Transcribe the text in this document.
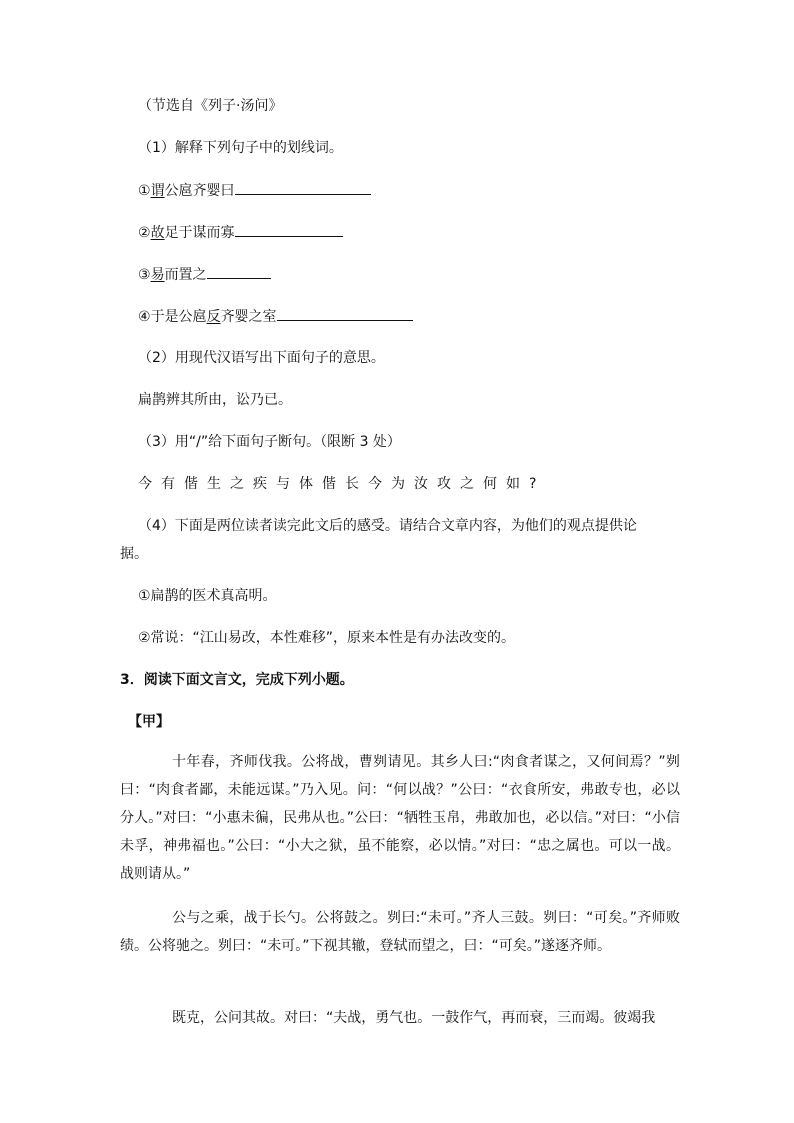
（节选自《列子·汤问》
（1）解释下列句子中的划线词。
①谓公扈齐婴曰
②故足于谋而寡
③易而置之
④于是公扈反齐婴之室
（2）用现代汉语写出下面句子的意思。
扁鹊辨其所由，讼乃已。
（3）用“/”给下面句子断句。（限断 3 处）
今有偕生之疾与体偕长今为汝攻之何如?
（4）下面是两位读者读完此文后的感受。请结合文章内容，为他们的观点提供论
据。
①扁鹊的医术真高明。
②常说：“江山易改，本性难移”，原来本性是有办法改变的。
3．阅读下面文言文，完成下列小题。
【甲】
十年春，齐师伐我。公将战，曹刿请见。其乡人曰:“肉食者谋之，又何间焉？”刿曰：“肉食者鄙，未能远谋。”乃入见。问：“何以战？”公曰：“衣食所安，弗敢专也，必以分人。”对曰：“小惠未徧，民弗从也。”公曰：“牺牲玉帛，弗敢加也，必以信。”对曰：“小信未孚，神弗福也。”公曰：“小大之狱，虽不能察，必以情。”对曰：“忠之属也。可以一战。战则请从。”
公与之乘，战于长勺。公将鼓之。刿曰:“未可。”齐人三鼓。刿曰：“可矣。”齐师败绩。公将驰之。刿曰：“未可。”下视其辙，登轼而望之，曰：“可矣。”遂逐齐师。
既克，公问其故。对曰：“夫战，勇气也。一鼓作气，再而衰，三而竭。彼竭我
